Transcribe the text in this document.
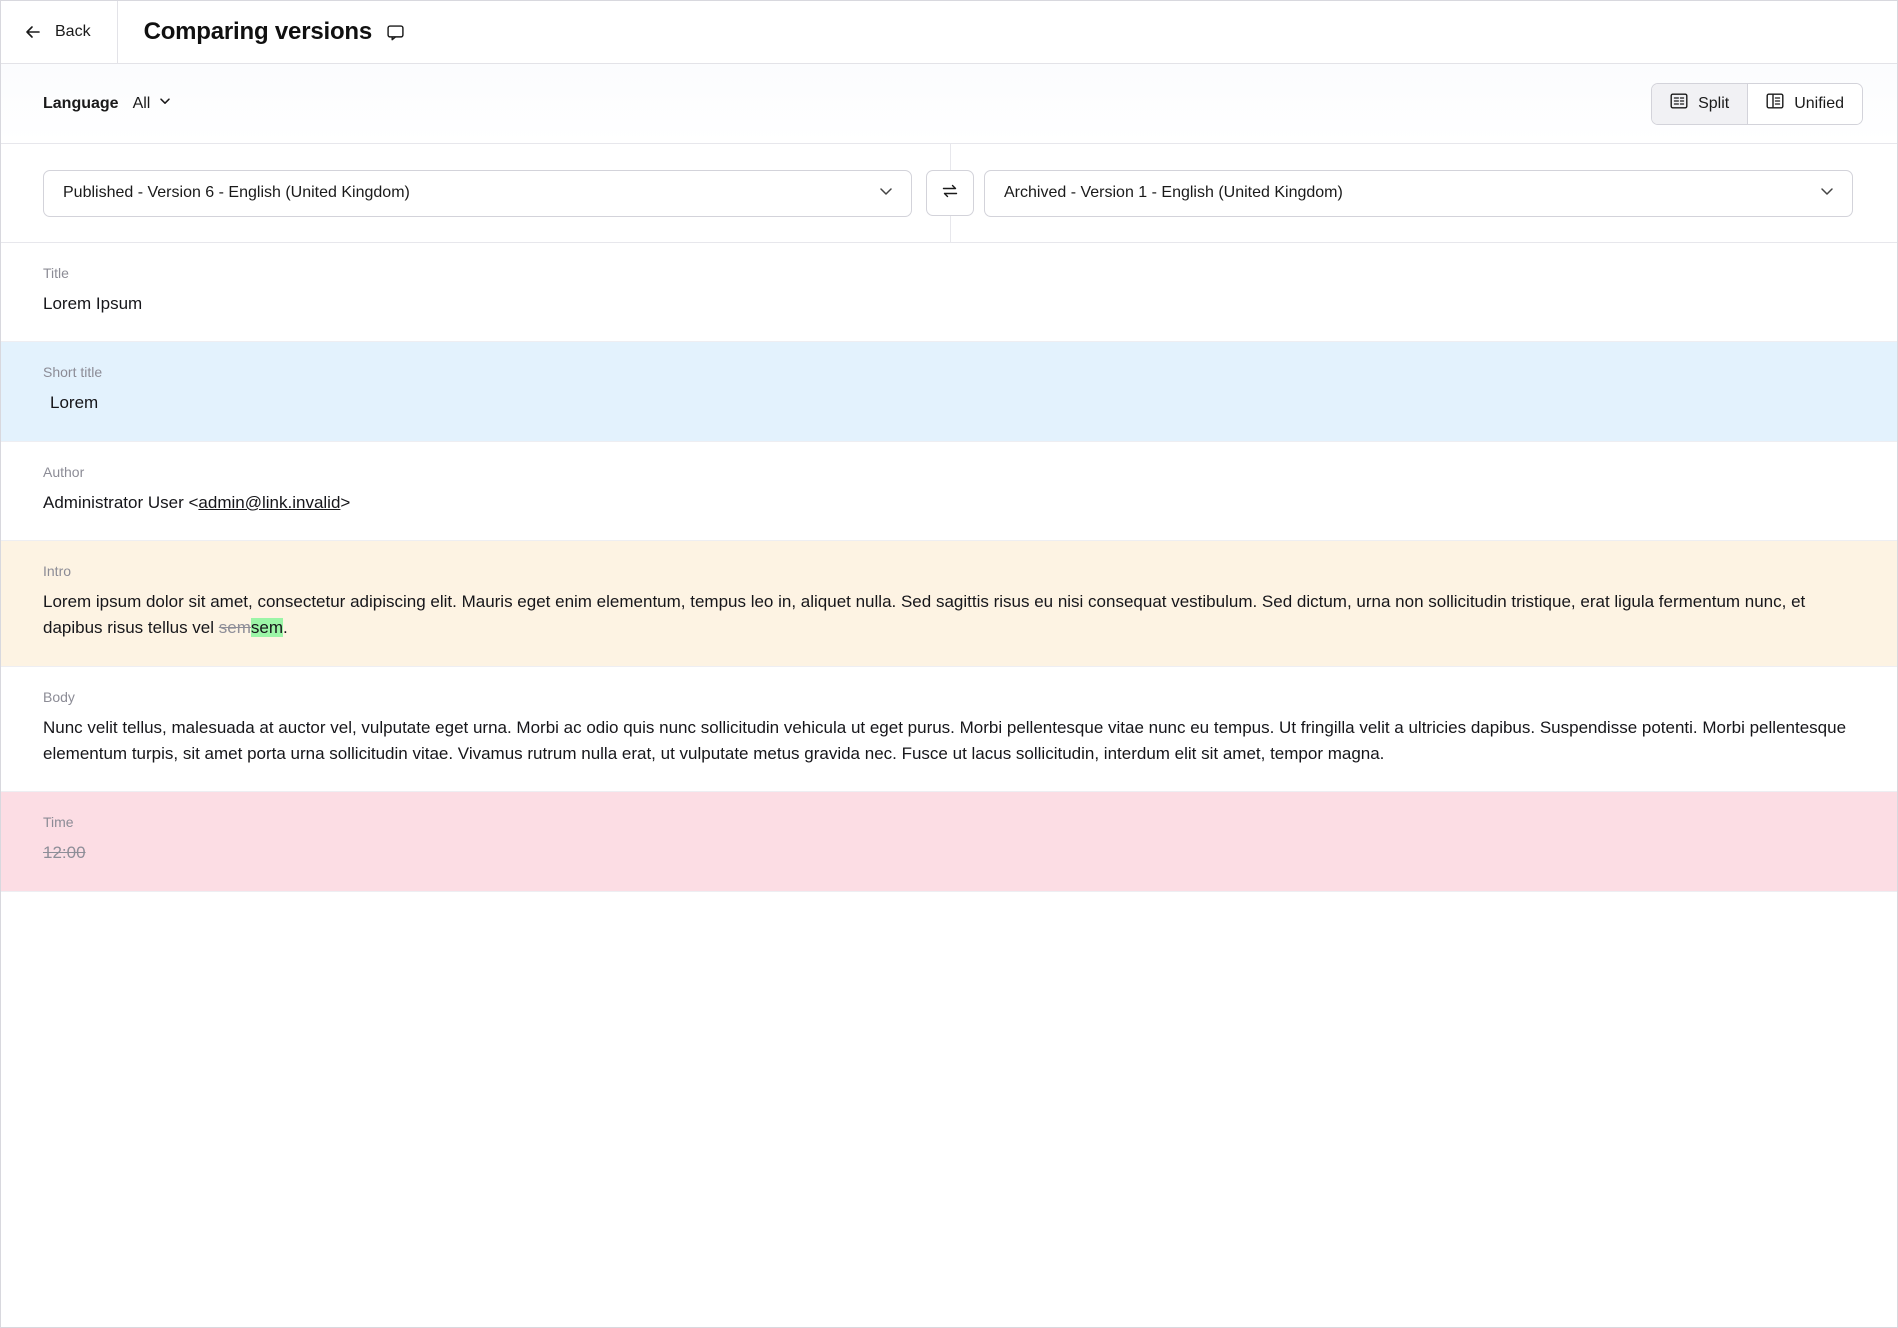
Back Comparing versions
Language All	Split	Unified
Published - Version 6 - English (United Kingdom)	Archived - Version 1 - English (United Kingdom)
Title
Lorem Ipsum
Short title
Lorem
Author
Administrator User <admin@link.invalid>
Intro
Lorem ipsum dolor sit amet, consectetur adipiscing elit. Mauris eget enim elementum, tempus leo in, aliquet nulla. Sed sagittis risus eu nisi consequat vestibulum. Sed dictum, urna non sollicitudin tristique, erat ligula fermentum nunc, et dapibus risus tellus vel semsem.
Body
Nunc velit tellus, malesuada at auctor vel, vulputate eget urna. Morbi ac odio quis nunc sollicitudin vehicula ut eget purus. Morbi pellentesque vitae nunc eu tempus. Ut fringilla velit a ultricies dapibus. Suspendisse potenti. Morbi pellentesque elementum turpis, sit amet porta urna sollicitudin vitae. Vivamus rutrum nulla erat, ut vulputate metus gravida nec. Fusce ut lacus sollicitudin, interdum elit sit amet, tempor magna.
Time
12:00
